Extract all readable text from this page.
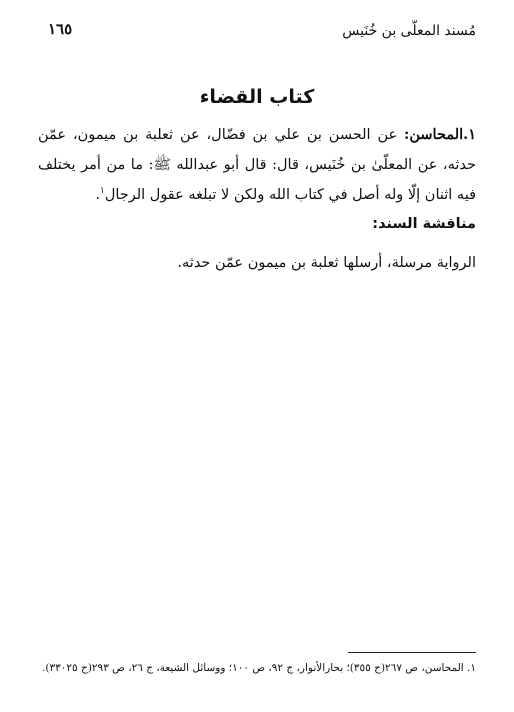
مُسند المعلّى بن خُنَيس
١٦٥
كتاب القضاء

١.المحاسن: عن الحسن بن علي بن فضّال، عن ثعلبة بن ميمون، عمّن حدثه، عن المعلّىٰ بن خُنَيس، قال: قال أبو عبدالله ﷺ: ما من أمر يختلف فيه اثنان إلّا وله أصل في كتاب الله ولكن لا تبلغه عقول الرجال$^١$.

مناقشة السند:

الرواية مرسلة، أرسلها ثعلبة بن ميمون عمّن حدثه.

١. المحاسن، ص ٢٦٧(ح ٣٥٥)؛ بحارالأنوار، ج ٩٢، ص ١٠٠؛ ووسائل الشيعة، ج ٢٦، ص ٢٩٣(ح ٣٣٠٢٥).
